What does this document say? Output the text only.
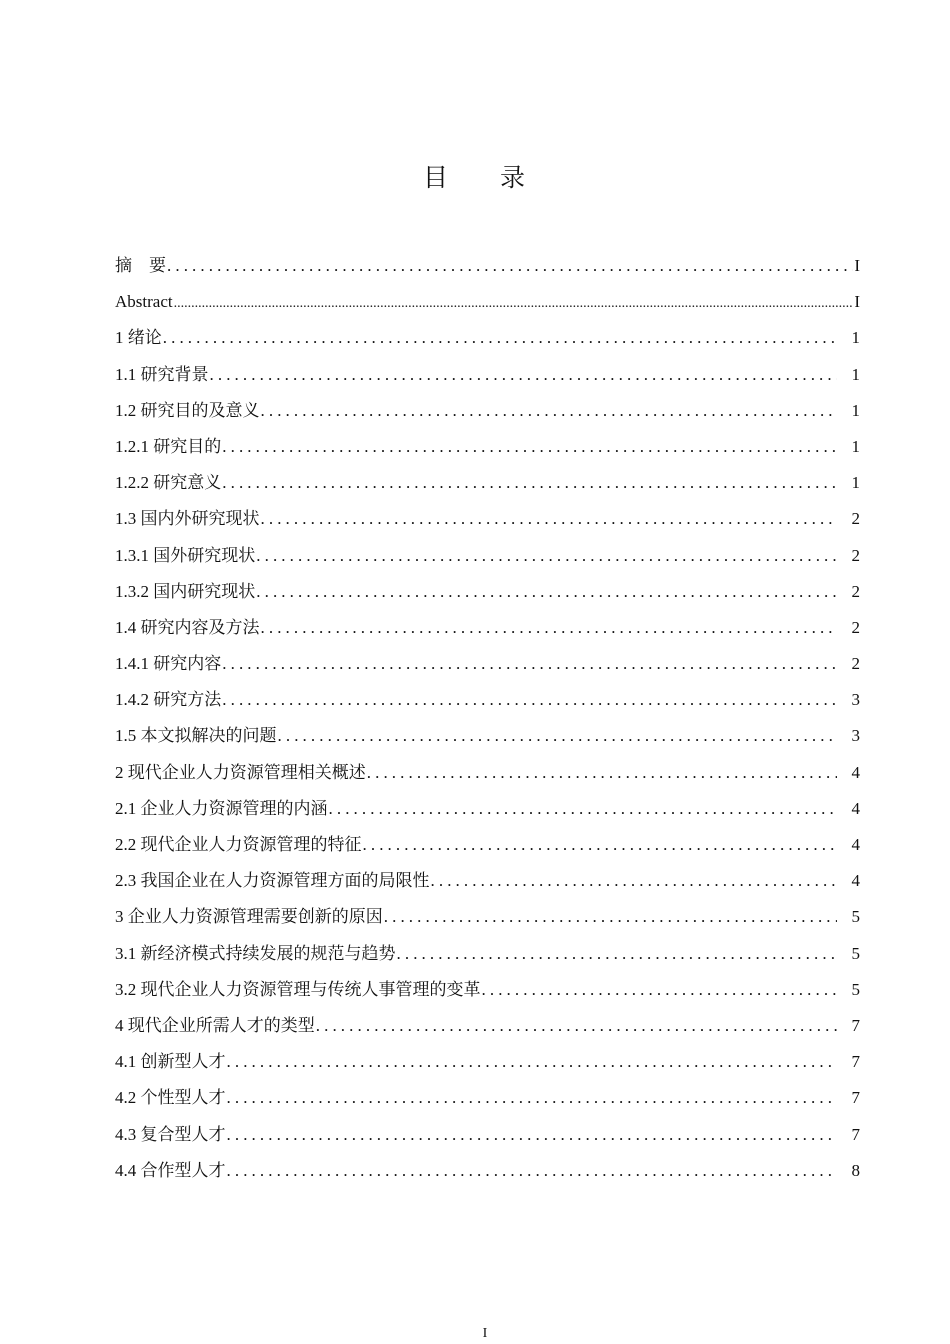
目 录
摘　要 .....	I
Abstract .....	I
1 绪论 .....	1
1.1 研究背景 .....	1
1.2 研究目的及意义 .....	1
1.2.1 研究目的 .....	1
1.2.2 研究意义 .....	1
1.3 国内外研究现状 .....	2
1.3.1 国外研究现状 .....	2
1.3.2 国内研究现状 .....	2
1.4 研究内容及方法 .....	2
1.4.1 研究内容 .....	2
1.4.2 研究方法 .....	3
1.5 本文拟解决的问题 .....	3
2 现代企业人力资源管理相关概述 .....	4
2.1 企业人力资源管理的内涵 .....	4
2.2 现代企业人力资源管理的特征 .....	4
2.3 我国企业在人力资源管理方面的局限性 .....	4
3 企业人力资源管理需要创新的原因 .....	5
3.1 新经济模式持续发展的规范与趋势 .....	5
3.2 现代企业人力资源管理与传统人事管理的变革 .....	5
4 现代企业所需人才的类型 .....	7
4.1 创新型人才 .....	7
4.2 个性型人才 .....	7
4.3 复合型人才 .....	7
4.4 合作型人才 .....	8
I
